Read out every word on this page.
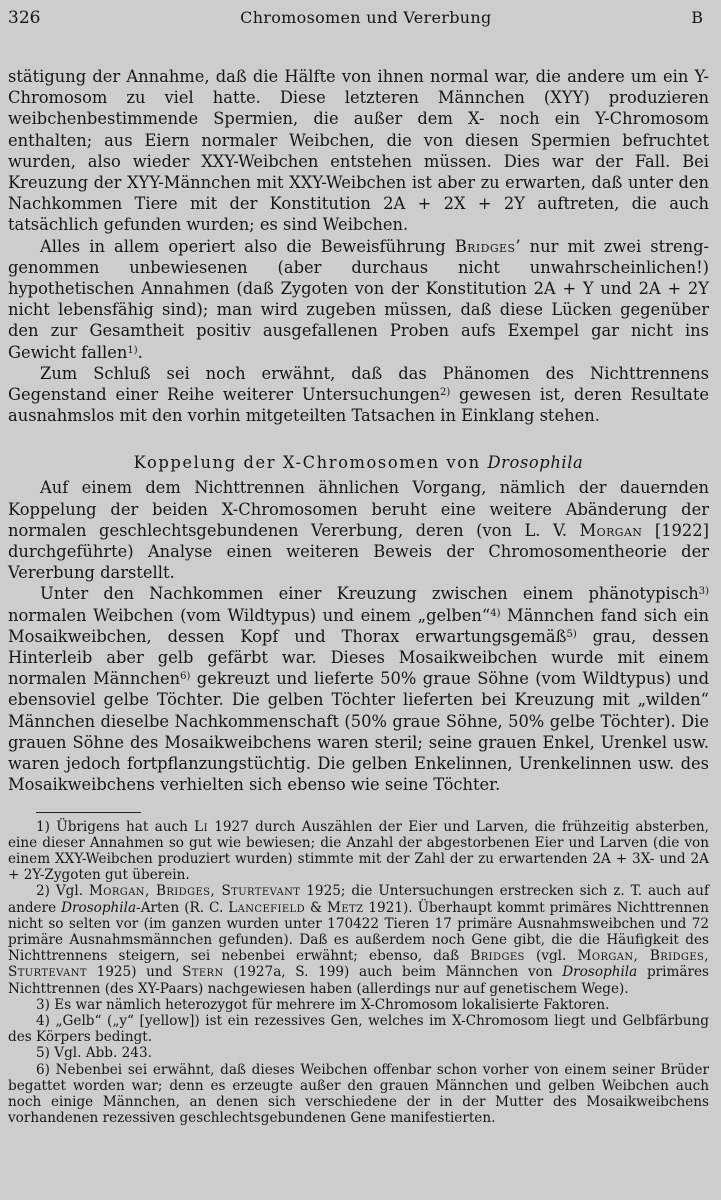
326	Chromosomen und Vererbung	B

stätigung der Annahme, daß die Hälfte von ihnen normal war, die andere um ein Y-Chromosom zu viel hatte. Diese letzteren Männchen (XYY) produzieren weibchenbestimmende Spermien, die außer dem X- noch ein Y-Chromosom enthalten; aus Eiern normaler Weibchen, die von diesen Spermien befruchtet wurden, also wieder XXY-Weibchen entstehen müssen. Dies war der Fall. Bei Kreuzung der XYY-Männchen mit XXY-Weibchen ist aber zu erwarten, daß unter den Nachkommen Tiere mit der Konstitution 2A + 2X + 2Y auftreten, die auch tatsächlich gefunden wurden; es sind Weibchen.

Alles in allem operiert also die Beweisführung Bridges’ nur mit zwei streng-genommen unbewiesenen (aber durchaus nicht unwahrscheinlichen!) hypothetischen Annahmen (daß Zygoten von der Konstitution 2A + Y und 2A + 2Y nicht lebensfähig sind); man wird zugeben müssen, daß diese Lücken gegenüber den zur Gesamtheit positiv ausgefallenen Proben aufs Exempel gar nicht ins Gewicht fallen$^{1)}$.

Zum Schluß sei noch erwähnt, daß das Phänomen des Nichttrennens Gegenstand einer Reihe weiterer Untersuchungen$^{2)}$ gewesen ist, deren Resultate ausnahmslos mit den vorhin mitgeteilten Tatsachen in Einklang stehen.

Koppelung der X-Chromosomen von Drosophila

Auf einem dem Nichttrennen ähnlichen Vorgang, nämlich der dauernden Koppelung der beiden X-Chromosomen beruht eine weitere Abänderung der normalen geschlechtsgebundenen Vererbung, deren (von L. V. Morgan [1922] durchgeführte) Analyse einen weiteren Beweis der Chromosomentheorie der Vererbung darstellt.

Unter den Nachkommen einer Kreuzung zwischen einem phänotypisch$^{3)}$ normalen Weibchen (vom Wildtypus) und einem „gelben“$^{4)}$ Männchen fand sich ein Mosaikweibchen, dessen Kopf und Thorax erwartungsgemäß$^{5)}$ grau, dessen Hinterleib aber gelb gefärbt war. Dieses Mosaikweibchen wurde mit einem normalen Männchen$^{6)}$ gekreuzt und lieferte 50% graue Söhne (vom Wildtypus) und ebensoviel gelbe Töchter. Die gelben Töchter lieferten bei Kreuzung mit „wilden“ Männchen dieselbe Nachkommenschaft (50% graue Söhne, 50% gelbe Töchter). Die grauen Söhne des Mosaikweibchens waren steril; seine grauen Enkel, Urenkel usw. waren jedoch fortpflanzungstüchtig. Die gelben Enkelinnen, Urenkelinnen usw. des Mosaikweibchens verhielten sich ebenso wie seine Töchter.

1) Übrigens hat auch Li 1927 durch Auszählen der Eier und Larven, die frühzeitig absterben, eine dieser Annahmen so gut wie bewiesen; die Anzahl der abgestorbenen Eier und Larven (die von einem XXY-Weibchen produziert wurden) stimmte mit der Zahl der zu erwartenden 2A + 3X- und 2A + 2Y-Zygoten gut überein.

2) Vgl. Morgan, Bridges, Sturtevant 1925; die Untersuchungen erstrecken sich z. T. auch auf andere Drosophila-Arten (R. C. Lancefield & Metz 1921). Überhaupt kommt primäres Nichttrennen nicht so selten vor (im ganzen wurden unter 170422 Tieren 17 primäre Ausnahmsweibchen und 72 primäre Ausnahmsmännchen gefunden). Daß es außerdem noch Gene gibt, die die Häufigkeit des Nichttrennens steigern, sei nebenbei erwähnt; ebenso, daß Bridges (vgl. Morgan, Bridges, Sturtevant 1925) und Stern (1927a, S. 199) auch beim Männchen von Drosophila primäres Nichttrennen (des XY-Paars) nachgewiesen haben (allerdings nur auf genetischem Wege).

3) Es war nämlich heterozygot für mehrere im X-Chromosom lokalisierte Faktoren.

4) „Gelb“ („y“ [yellow]) ist ein rezessives Gen, welches im X-Chromosom liegt und Gelbfärbung des Körpers bedingt.

5) Vgl. Abb. 243.

6) Nebenbei sei erwähnt, daß dieses Weibchen offenbar schon vorher von einem seiner Brüder begattet worden war; denn es erzeugte außer den grauen Männchen und gelben Weibchen auch noch einige Männchen, an denen sich verschiedene der in der Mutter des Mosaikweibchens vorhandenen rezessiven geschlechtsgebundenen Gene manifestierten.
